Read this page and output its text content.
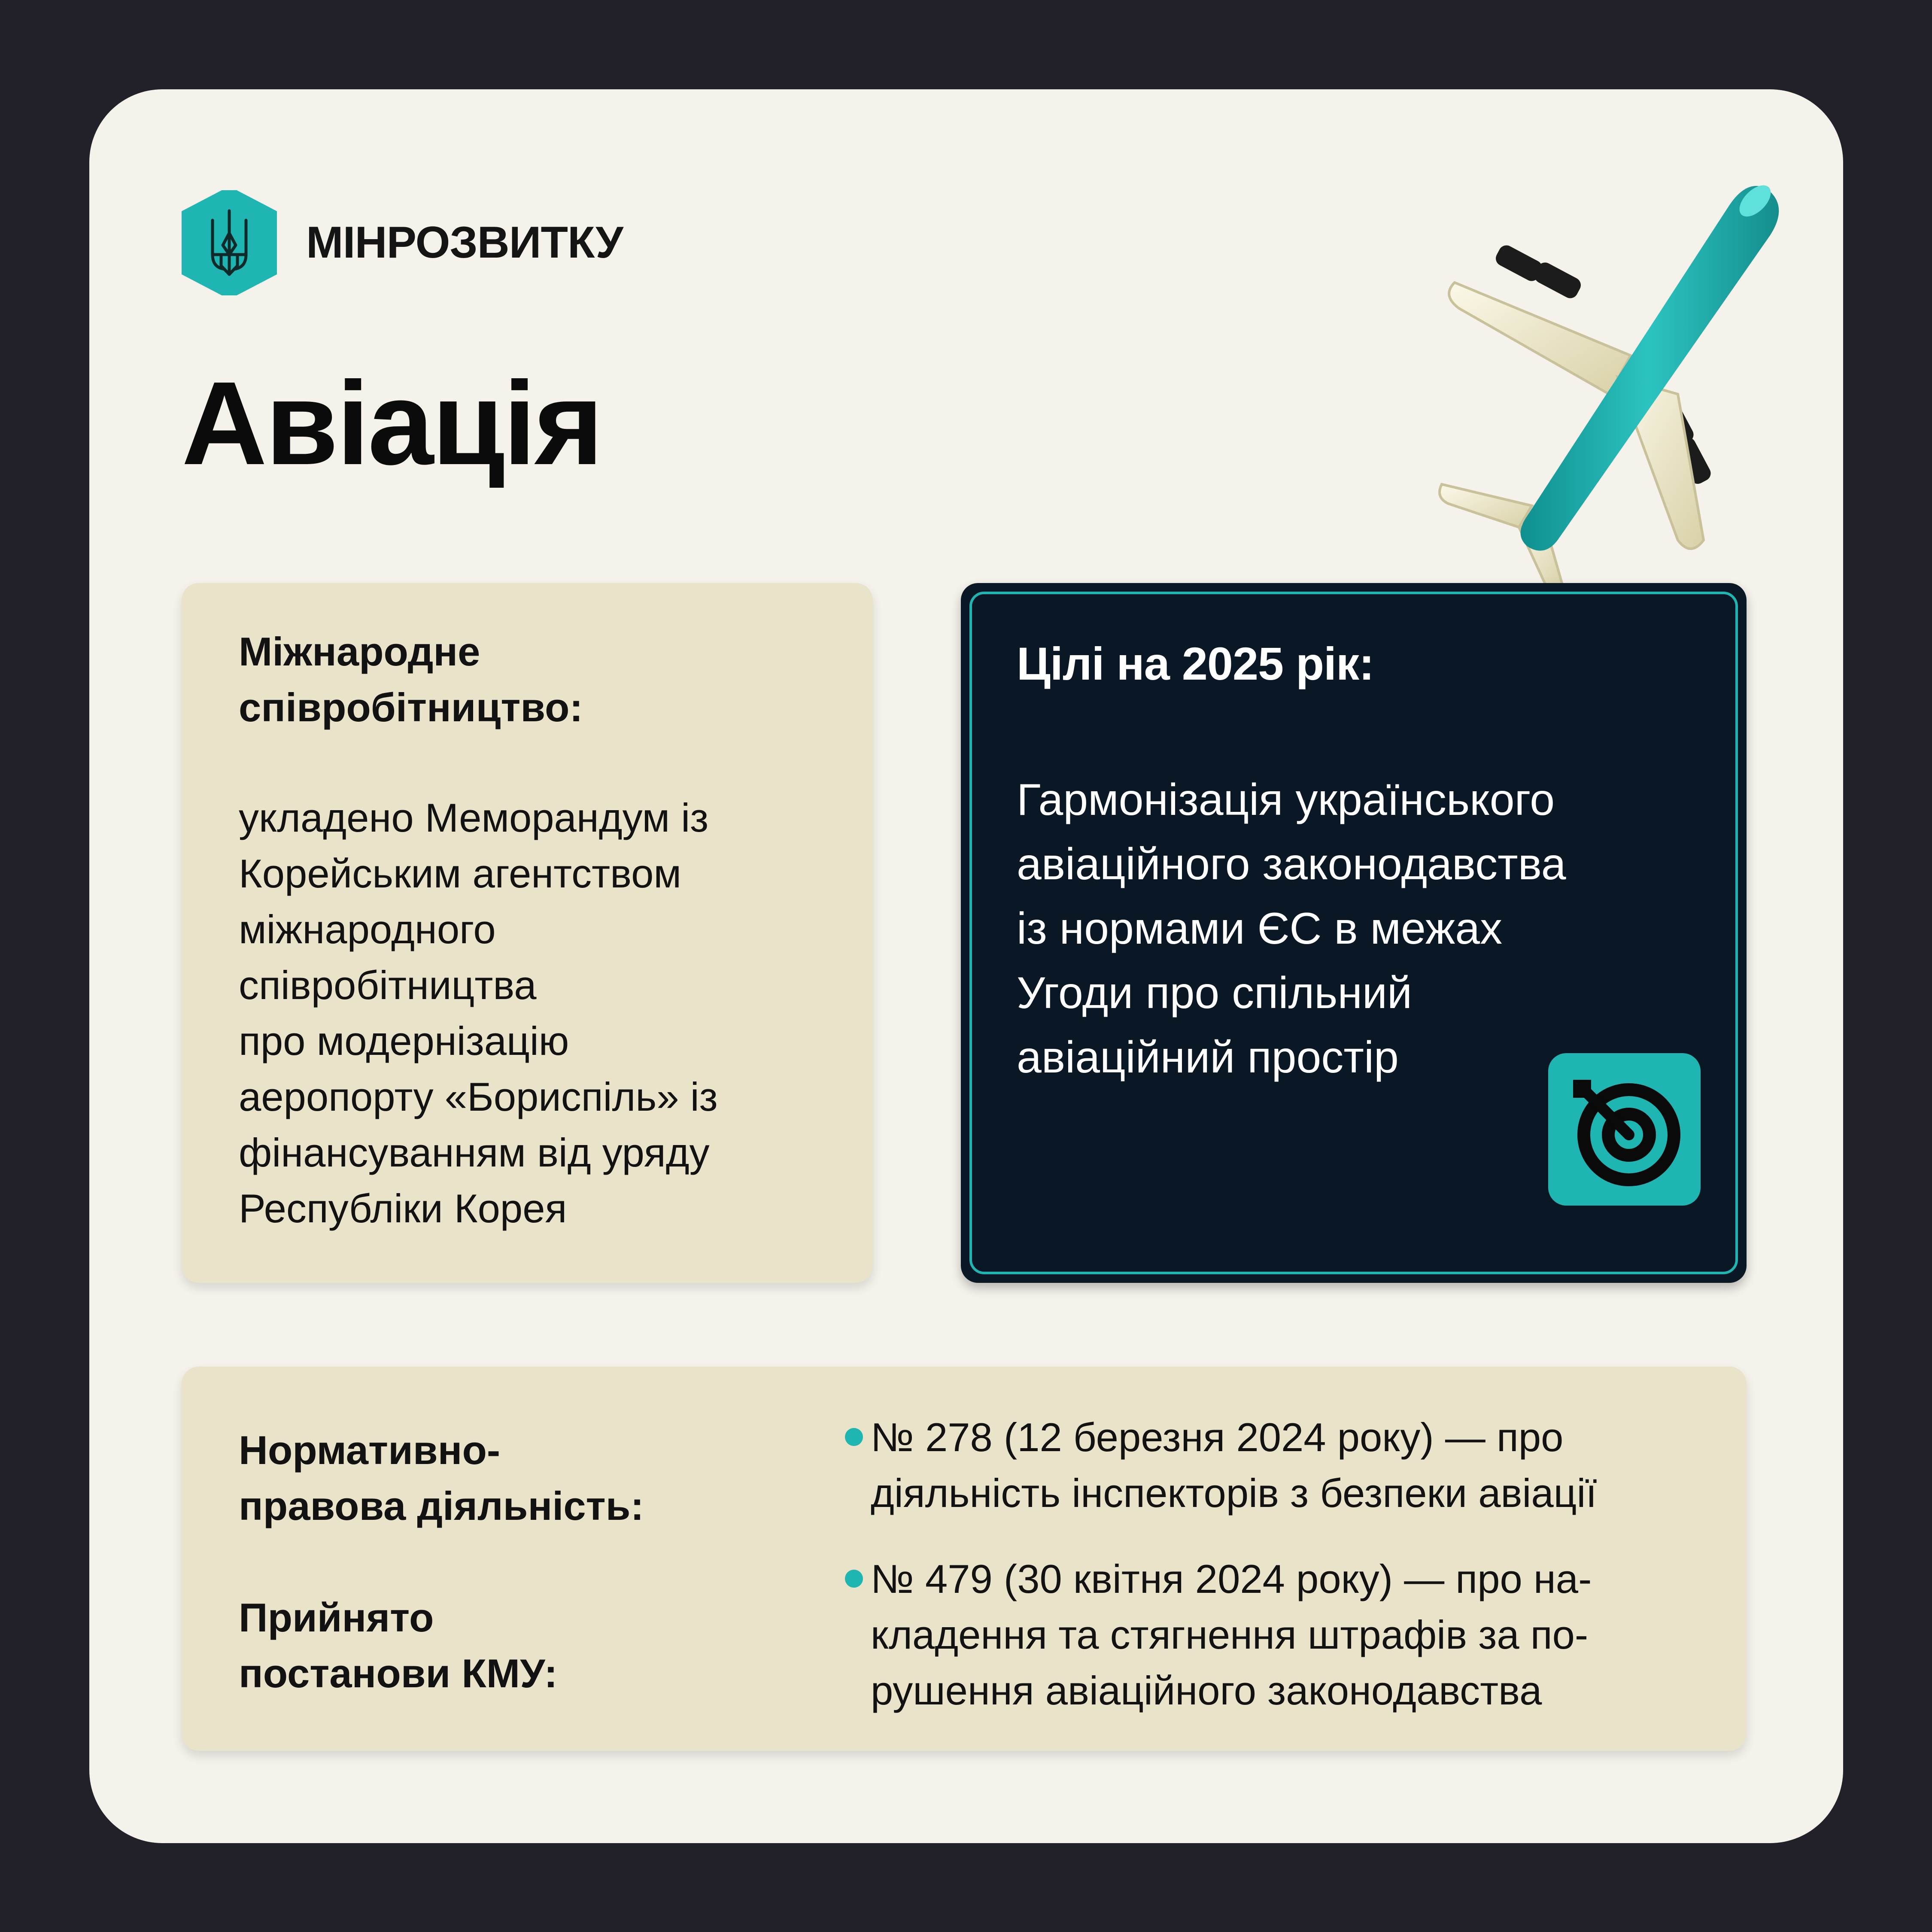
МІНРОЗВИТКУ
Авіація
Міжнародне
співробітництво:
укладено Меморандум із
Корейським агентством
міжнародного
співробітництва
про модернізацію
аеропорту «Бориспіль» із
фінансуванням від уряду
Республіки Корея
Цілі на 2025 рік:
Гармонізація українського
авіаційного законодавства
із нормами ЄС в межах
Угоди про спільний
авіаційний простір
Нормативно-
правова діяльність:
Прийнято
постанови КМУ:
№ 278 (12 березня 2024 року) — про
діяльність інспекторів з безпеки авіації
№ 479 (30 квітня 2024 року) — про на-
кладення та стягнення штрафів за по-
рушення авіаційного законодавства
